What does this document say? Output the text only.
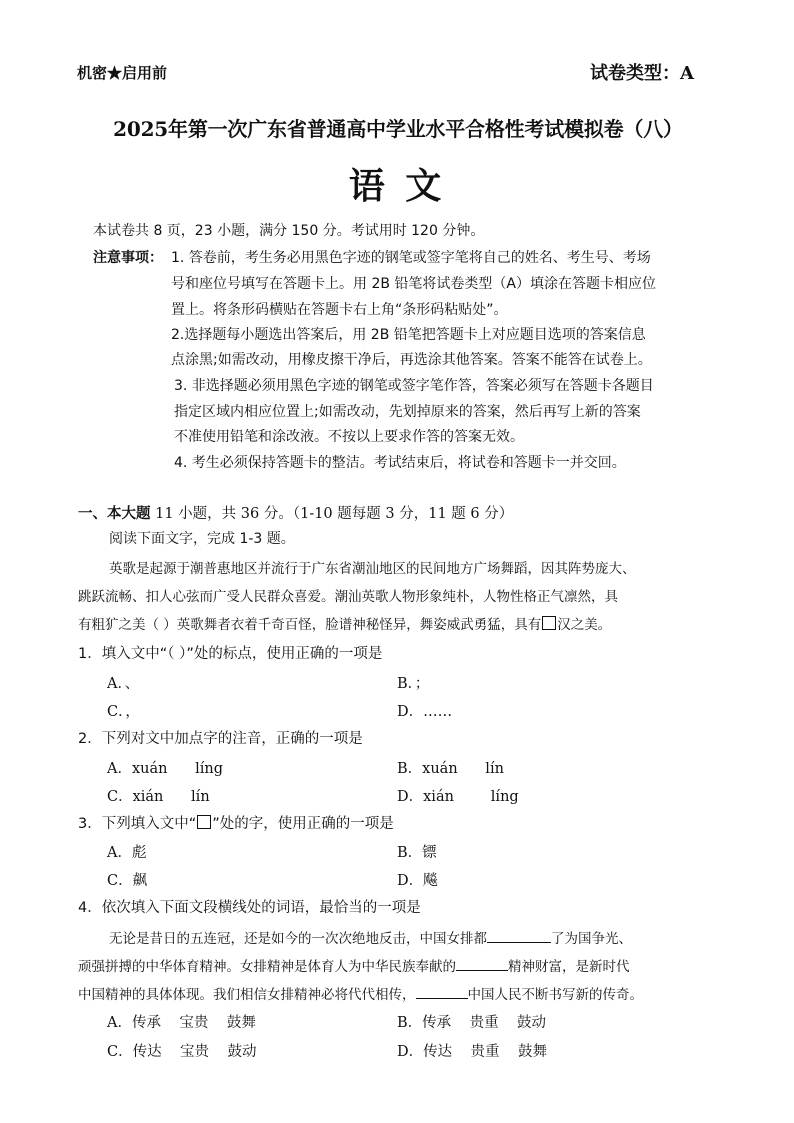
机密★启用前	试卷类型：A
2025年第一次广东省普通高中学业水平合格性考试模拟卷（八）
语 文
本试卷共 8 页，23 小题，满分 150 分。考试用时 120 分钟。
注意事项： 1. 答卷前，考生务必用黑色字迹的钢笔或签字笔将自己的姓名、考生号、考场
号和座位号填写在答题卡上。用 2B 铅笔将试卷类型（A）填涂在答题卡相应位
置上。将条形码横贴在答题卡右上角“条形码粘贴处”。
2.选择题每小题选出答案后，用 2B 铅笔把答题卡上对应题目选项的答案信息
点涂黑;如需改动，用橡皮擦干净后，再选涂其他答案。答案不能答在试卷上。
3. 非选择题必须用黑色字迹的钢笔或签字笔作答，答案必须写在答题卡各题目
指定区域内相应位置上;如需改动，先划掉原来的答案，然后再写上新的答案
不准使用铅笔和涂改液。不按以上要求作答的答案无效。
4. 考生必须保持答题卡的整洁。考试结束后，将试卷和答题卡一并交回。
一、本大题 11 小题，共 36 分。（1-10 题每题 3 分，11 题 6 分）
阅读下面文字，完成 1-3 题。
英歌是起源于潮普惠地区并流行于广东省潮汕地区的民间地方广场舞蹈，因其阵势庞大、
跳跃流畅、扣人心弦而广受人民群众喜爱。潮汕英歌人物形象纯朴，人物性格正气凛然，具
有粗犷之美（ ）英歌舞者衣着千奇百怪，脸谱神秘怪异，舞姿威武勇猛，具有 汉之美。
1．填入文中“（ ）”处的标点，使用正确的一项是
A．、	B．；
C．，	D．……
2．下列对文中加点字的注音，正确的一项是
A．xuán      líng	B．xuán      lín
C．xián      lín	D．xián        líng
3．下列填入文中“ ”处的字，使用正确的一项是
A．彪	B．镖
C．飙	D．飚
4．依次填入下面文段横线处的词语，最恰当的一项是
无论是昔日的五连冠，还是如今的一次次绝地反击，中国女排都	了为国争光、
顽强拼搏的中华体育精神。女排精神是体育人为中华民族奉献的	精神财富，是新时代
中国精神的具体体现。我们相信女排精神必将代代相传，	中国人民不断书写新的传奇。
A．传承    宝贵    鼓舞	B．传承    贵重    鼓动
C．传达    宝贵    鼓动	D．传达    贵重    鼓舞
